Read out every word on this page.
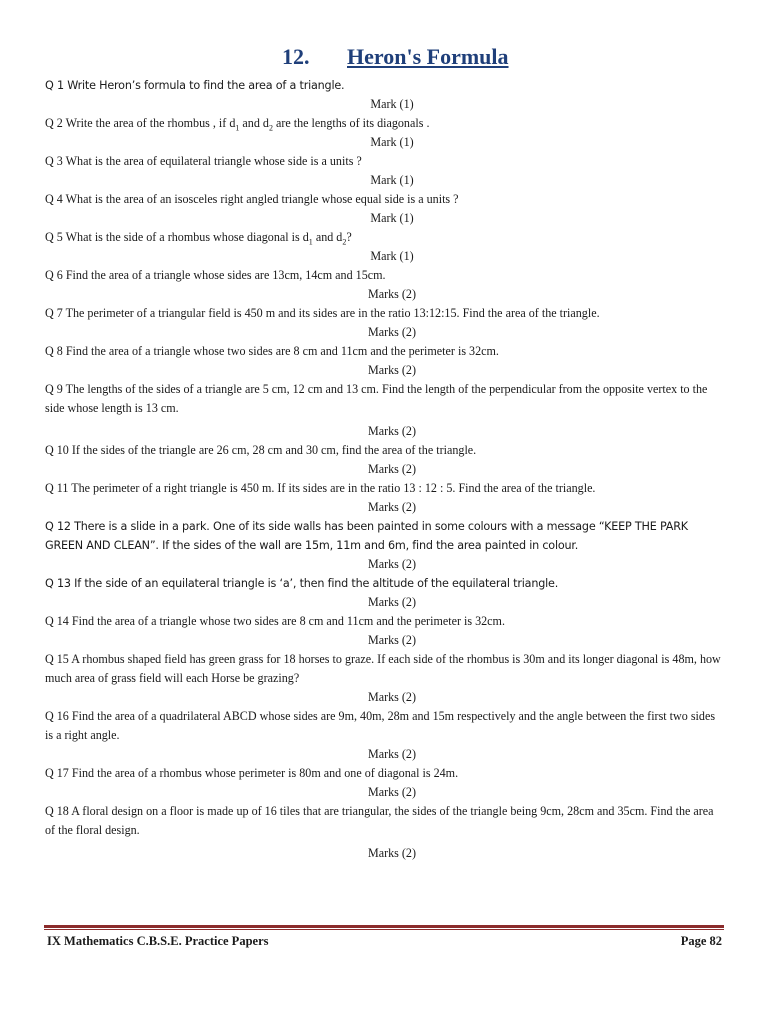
12. Heron's Formula

Q 1 Write Heron’s formula to find the area of a triangle.

Mark (1)

Q 2 Write the area of the rhombus , if $d_1$ and $d_2$ are the lengths of its diagonals .

Mark (1)

Q 3 What is the area of equilateral triangle whose side is a units ?

Mark (1)

Q 4 What is the area of an isosceles right angled triangle whose equal side is a units ?

Mark (1)

Q 5 What is the side of a rhombus whose diagonal is $d_1$ and $d_2$?

Mark (1)

Q 6 Find the area of a triangle whose sides are 13cm, 14cm and 15cm.

Marks (2)

Q 7 The perimeter of a triangular field is 450 m and its sides are in the ratio 13:12:15. Find the area of the triangle.

Marks (2)

Q 8 Find the area of a triangle whose two sides are 8 cm and 11cm and the perimeter is 32cm.

Marks (2)

Q 9 The lengths of the sides of a triangle are 5 cm, 12 cm and 13 cm. Find the length of the perpendicular from the opposite vertex to the side whose length is 13 cm.

Marks (2)

Q 10 If the sides of the triangle are 26 cm, 28 cm and 30 cm, find the area of the triangle.

Marks (2)

Q 11 The perimeter of a right triangle is 450 m. If its sides are in the ratio 13 : 12 : 5. Find the area of the triangle.

Marks (2)

Q 12 There is a slide in a park. One of its side walls has been painted in some colours with a message “KEEP THE PARK GREEN AND CLEAN”. If the sides of the wall are 15m, 11m and 6m, find the area painted in colour.

Marks (2)

Q 13 If the side of an equilateral triangle is ‘a’, then find the altitude of the equilateral triangle.

Marks (2)

Q 14 Find the area of a triangle whose two sides are 8 cm and 11cm and the perimeter is 32cm.

Marks (2)

Q 15 A rhombus shaped field has green grass for 18 horses to graze. If each side of the rhombus is 30m and its longer diagonal is 48m, how much area of grass field will each Horse be grazing?

Marks (2)

Q 16 Find the area of a quadrilateral ABCD whose sides are 9m, 40m, 28m and 15m respectively and the angle between the first two sides is a right angle.

Marks (2)

Q 17 Find the area of a rhombus whose perimeter is 80m and one of diagonal is 24m.

Marks (2)

Q 18 A floral design on a floor is made up of 16 tiles that are triangular, the sides of the triangle being 9cm, 28cm and 35cm. Find the area of the floral design.

Marks (2)

IX Mathematics C.B.S.E. Practice Papers	Page 82
